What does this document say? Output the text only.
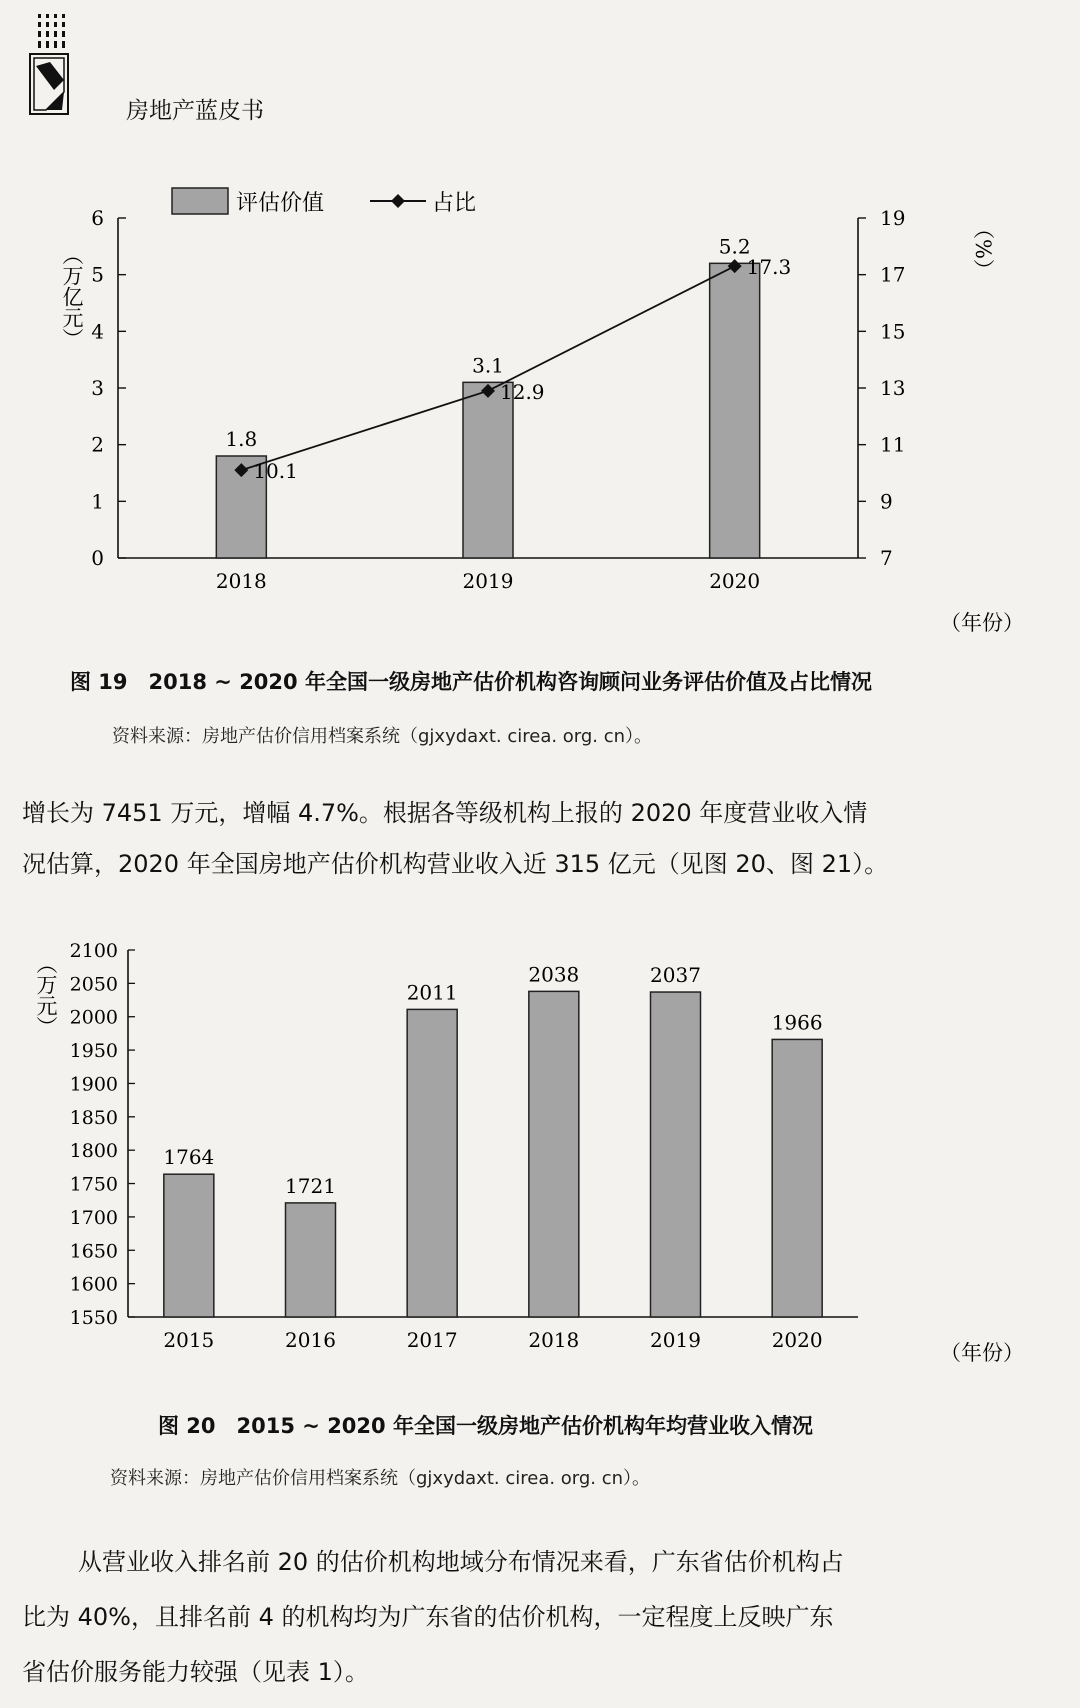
房地产蓝皮书
评估价值	占比
（万亿元）	（%）
（年份）
0
1
2
3
4
5
6
7
9
11
13
15
17
19
2018	2019	2020
1.8
3.1
5.2
10.1
12.9
17.3
图 19　2018 ~ 2020 年全国一级房地产估价机构咨询顾问业务评估价值及占比情况
资料来源：房地产估价信用档案系统（gjxydaxt. cirea. org. cn）。

增长为 7451 万元，增幅 4.7%。根据各等级机构上报的 2020 年度营业收入情

况估算，2020 年全国房地产估价机构营业收入近 315 亿元（见图 20、图 21）。

（万元）
（年份）
1550
1600
1650
1700
1750
1800
1850
1900
1950
2000
2050
2100
2015	2016	2017	2018	2019	2020
1764
1721
2011
2038	2037
1966
图 20　2015 ~ 2020 年全国一级房地产估价机构年均营业收入情况
资料来源：房地产估价信用档案系统（gjxydaxt. cirea. org. cn）。

从营业收入排名前 20 的估价机构地域分布情况来看，广东省估价机构占

比为 40%，且排名前 4 的机构均为广东省的估价机构，一定程度上反映广东

省估价服务能力较强（见表 1）。
